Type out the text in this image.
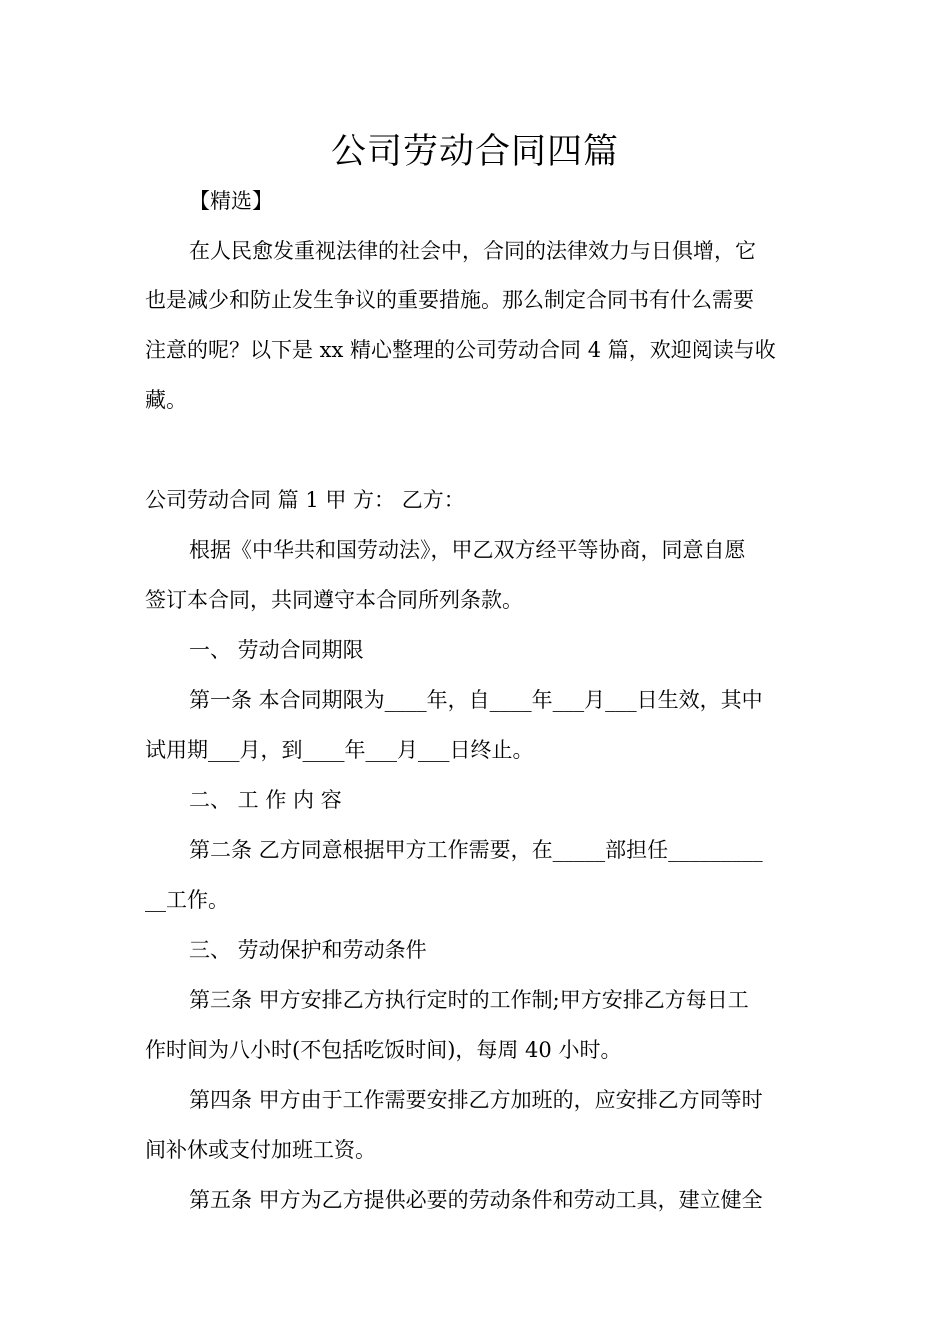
公司劳动合同四篇
【精选】
在人民愈发重视法律的社会中，合同的法律效力与日俱增，它
也是减少和防止发生争议的重要措施。那么制定合同书有什么需要
注意的呢？以下是 xx 精心整理的公司劳动合同 4 篇，欢迎阅读与收
藏。
公司劳动合同 篇 1 甲 方： 乙方：
根据《中华共和国劳动法》，甲乙双方经平等协商，同意自愿
签订本合同，共同遵守本合同所列条款。
一、 劳动合同期限
第一条 本合同期限为____年，自____年___月___日生效，其中
试用期___月，到____年___月___日终止。
二、 工 作 内 容
第二条 乙方同意根据甲方工作需要，在_____部担任_________
__工作。
三、 劳动保护和劳动条件
第三条 甲方安排乙方执行定时的工作制;甲方安排乙方每日工
作时间为八小时(不包括吃饭时间)，每周 40 小时。
第四条 甲方由于工作需要安排乙方加班的，应安排乙方同等时
间补休或支付加班工资。
第五条 甲方为乙方提供必要的劳动条件和劳动工具，建立健全
